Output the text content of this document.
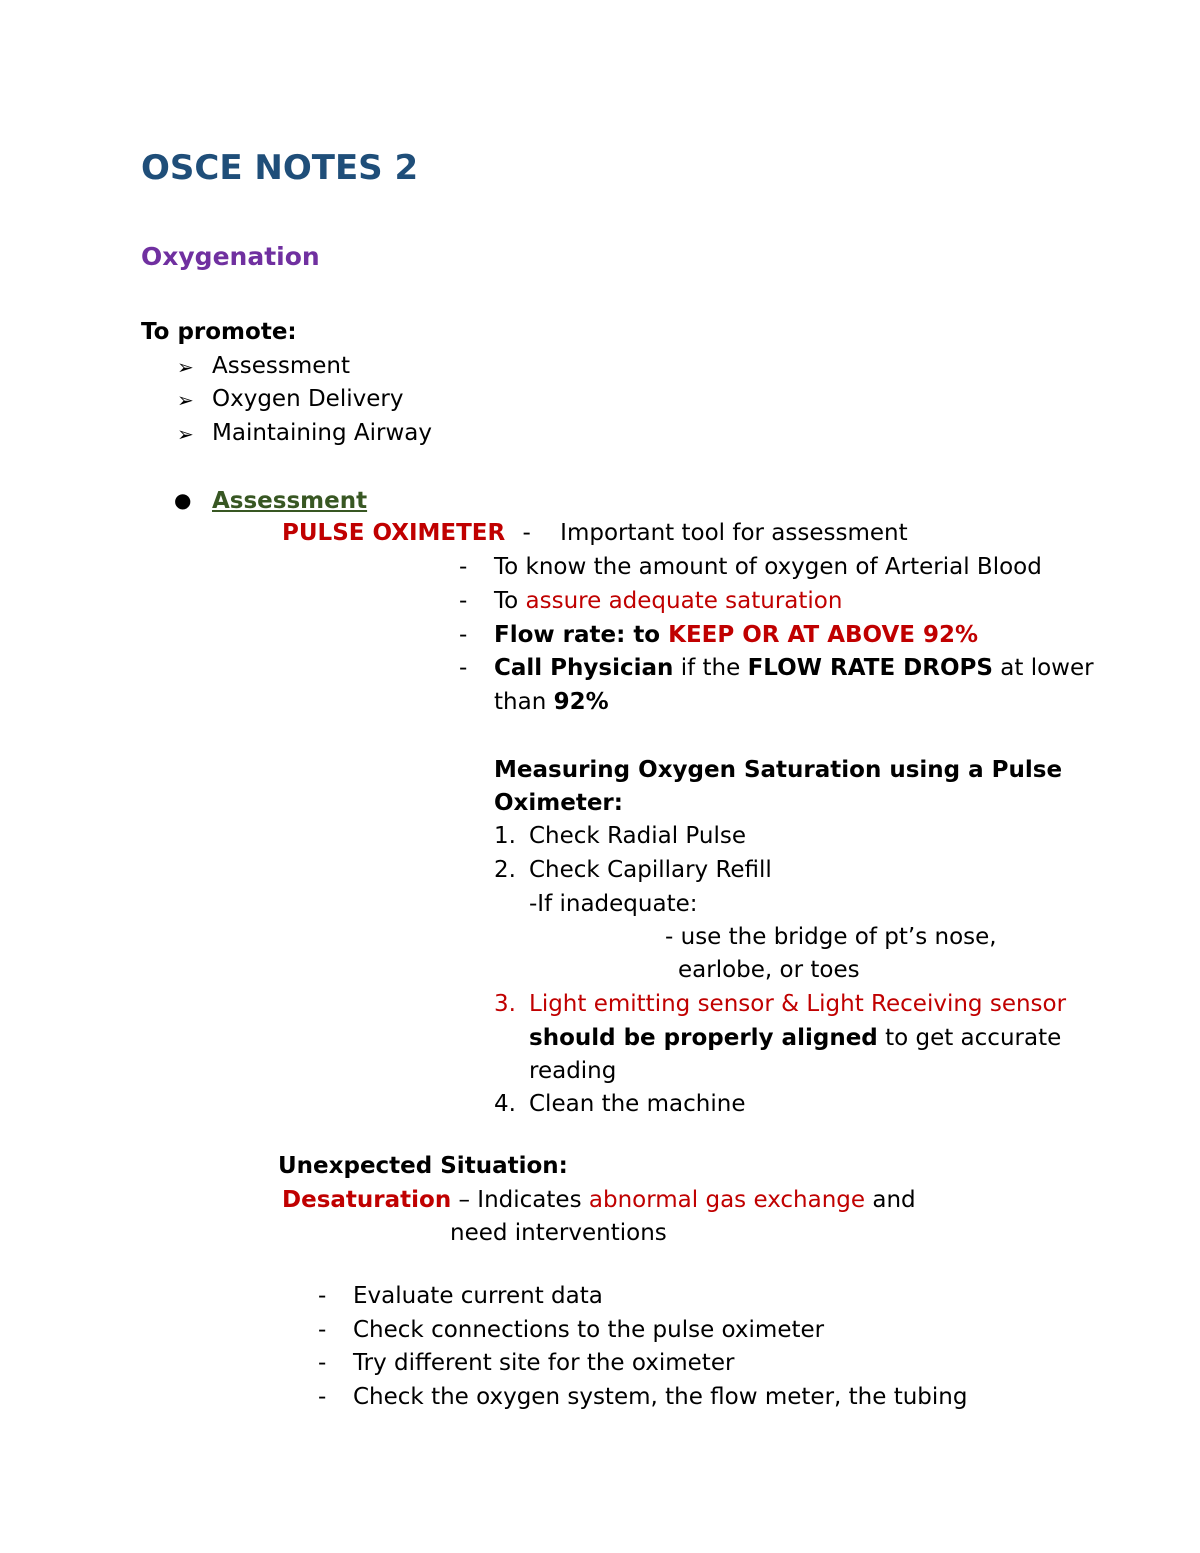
OSCE NOTES 2
Oxygenation
To promote:
➢ Assessment
➢ Oxygen Delivery
➢ Maintaining Airway
● Assessment
PULSE OXIMETER - Important tool for assessment
- To know the amount of oxygen of Arterial Blood
- To assure adequate saturation
- Flow rate: to KEEP OR AT ABOVE 92%
- Call Physician if the FLOW RATE DROPS at lower
than 92%
Measuring Oxygen Saturation using a Pulse
Oximeter:
1. Check Radial Pulse
2. Check Capillary Refill
-If inadequate:
- use the bridge of pt’s nose,
earlobe, or toes
3. Light emitting sensor & Light Receiving sensor
should be properly aligned to get accurate
reading
4. Clean the machine
Unexpected Situation:
Desaturation – Indicates abnormal gas exchange and
need interventions
- Evaluate current data
- Check connections to the pulse oximeter
- Try different site for the oximeter
- Check the oxygen system, the flow meter, the tubing
